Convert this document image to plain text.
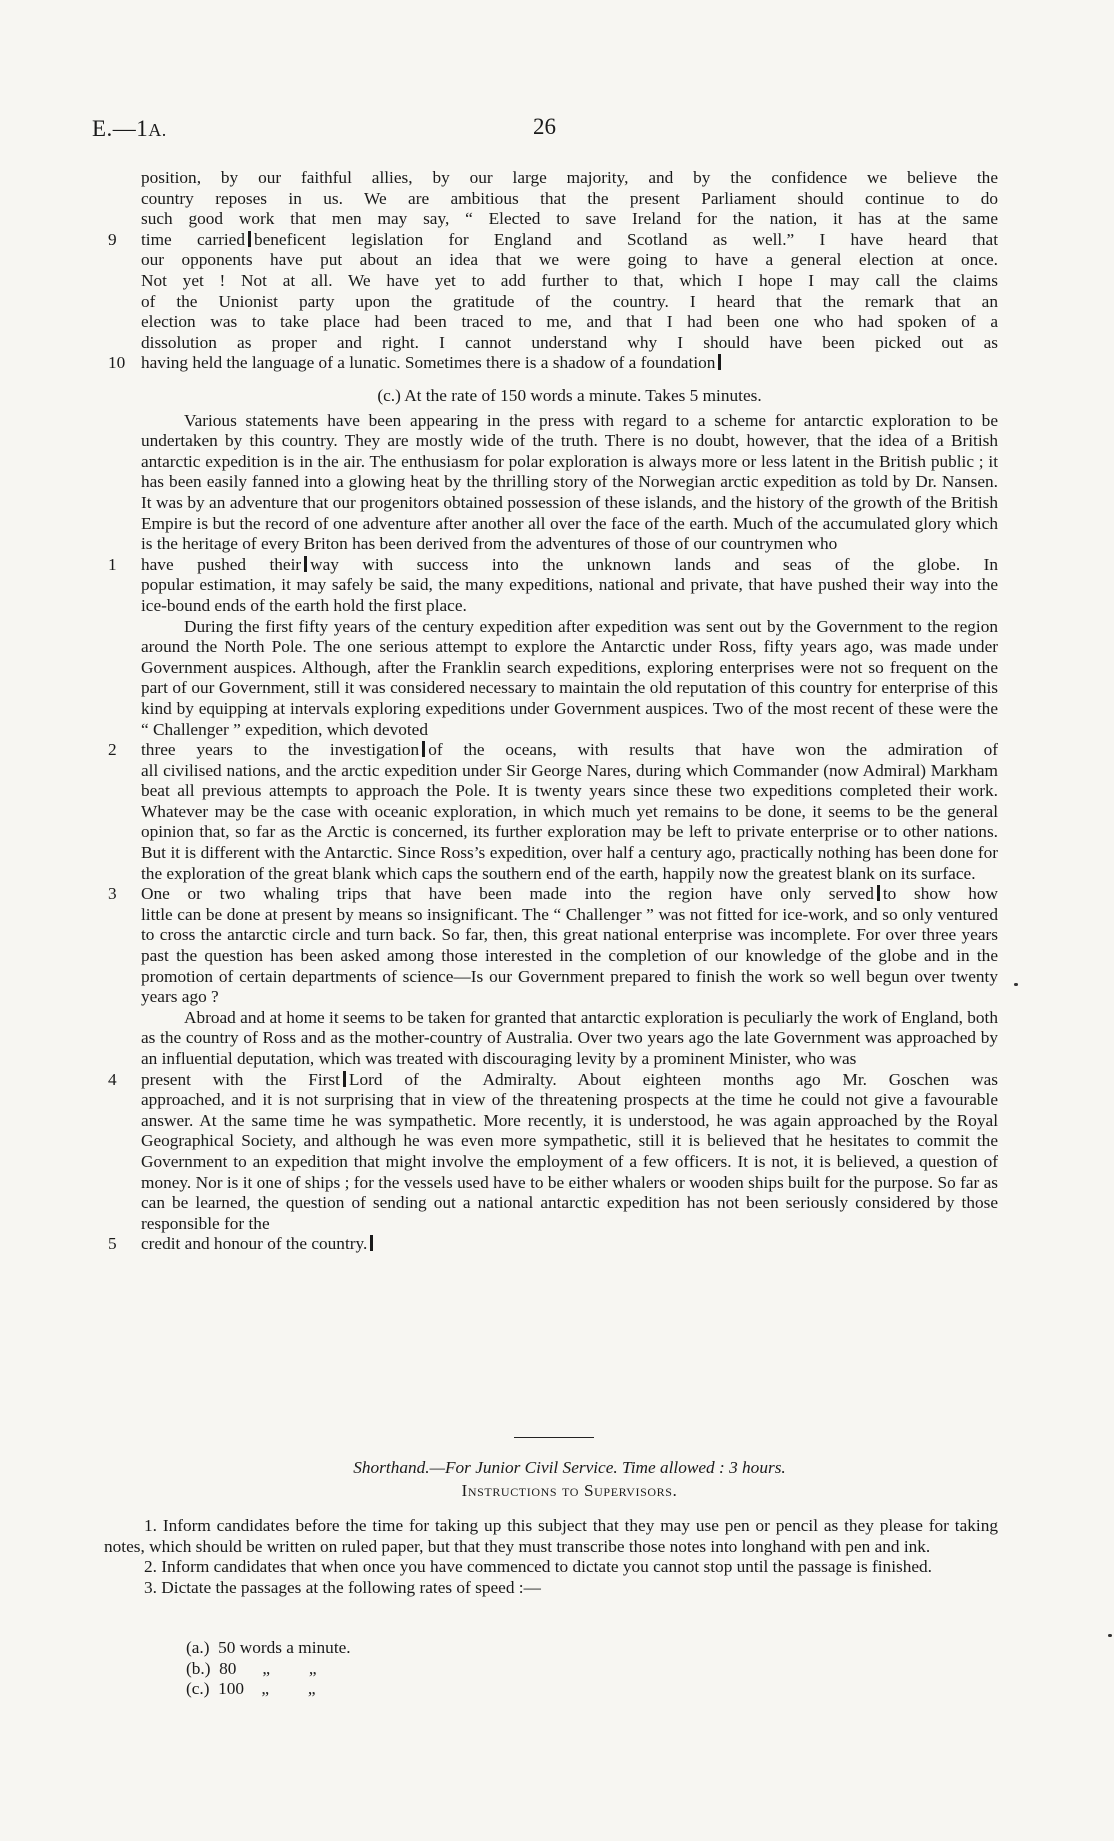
E.—1A.	26

position, by our faithful allies, by our large majority, and by the confidence we believe the

country reposes in us. We are ambitious that the present Parliament should continue to do

such good work that men may say, “ Elected to save Ireland for the nation, it has at the same

9 time carried beneficent legislation for England and Scotland as well.” I have heard that

our opponents have put about an idea that we were going to have a general election at once.

Not yet ! Not at all. We have yet to add further to that, which I hope I may call the claims

of the Unionist party upon the gratitude of the country. I heard that the remark that an

election was to take place had been traced to me, and that I had been one who had spoken of a

dissolution as proper and right. I cannot understand why I should have been picked out as

10 having held the language of a lunatic. Sometimes there is a shadow of a foundation

(c.) At the rate of 150 words a minute. Takes 5 minutes.

Various statements have been appearing in the press with regard to a scheme for antarctic exploration to be undertaken by this country. They are mostly wide of the truth. There is no doubt, however, that the idea of a British antarctic expedition is in the air. The enthusiasm for polar exploration is always more or less latent in the British public ; it has been easily fanned into a glowing heat by the thrilling story of the Norwegian arctic expedition as told by Dr. Nansen. It was by an adventure that our progenitors obtained possession of these islands, and the history of the growth of the British Empire is but the record of one adventure after another all over the face of the earth. Much of the accumulated glory which is the heritage of every Briton has been derived from the adventures of those of our countrymen who

1 have pushed their way with success into the unknown lands and seas of the globe. In

popular estimation, it may safely be said, the many expeditions, national and private, that have pushed their way into the ice-bound ends of the earth hold the first place.

During the first fifty years of the century expedition after expedition was sent out by the Government to the region around the North Pole. The one serious attempt to explore the Antarctic under Ross, fifty years ago, was made under Government auspices. Although, after the Franklin search expeditions, exploring enterprises were not so frequent on the part of our Government, still it was considered necessary to maintain the old reputation of this country for enterprise of this kind by equipping at intervals exploring expeditions under Government auspices. Two of the most recent of these were the “ Challenger ” expedition, which devoted

2 three years to the investigation of the oceans, with results that have won the admiration of

all civilised nations, and the arctic expedition under Sir George Nares, during which Commander (now Admiral) Markham beat all previous attempts to approach the Pole. It is twenty years since these two expeditions completed their work. Whatever may be the case with oceanic exploration, in which much yet remains to be done, it seems to be the general opinion that, so far as the Arctic is concerned, its further exploration may be left to private enterprise or to other nations. But it is different with the Antarctic. Since Ross’s expedition, over half a century ago, practically nothing has been done for the exploration of the great blank which caps the southern end of the earth, happily now the greatest blank on its surface.

3 One or two whaling trips that have been made into the region have only served to show how

little can be done at present by means so insignificant. The “ Challenger ” was not fitted for ice-work, and so only ventured to cross the antarctic circle and turn back. So far, then, this great national enterprise was incomplete. For over three years past the question has been asked among those interested in the completion of our knowledge of the globe and in the promotion of certain departments of science—Is our Government prepared to finish the work so well begun over twenty years ago ?

Abroad and at home it seems to be taken for granted that antarctic exploration is peculiarly the work of England, both as the country of Ross and as the mother-country of Australia. Over two years ago the late Government was approached by an influential deputation, which was treated with discouraging levity by a prominent Minister, who was

4 present with the First Lord of the Admiralty. About eighteen months ago Mr. Goschen was

approached, and it is not surprising that in view of the threatening prospects at the time he could not give a favourable answer. At the same time he was sympathetic. More recently, it is understood, he was again approached by the Royal Geographical Society, and although he was even more sympathetic, still it is believed that he hesitates to commit the Government to an expedition that might involve the employment of a few officers. It is not, it is believed, a question of money. Nor is it one of ships ; for the vessels used have to be either whalers or wooden ships built for the purpose. So far as can be learned, the question of sending out a national antarctic expedition has not been seriously considered by those responsible for the

5 credit and honour of the country.

Shorthand.—For Junior Civil Service. Time allowed : 3 hours.

Instructions to Supervisors.

1. Inform candidates before the time for taking up this subject that they may use pen or pencil as they please for taking notes, which should be written on ruled paper, but that they must transcribe those notes into longhand with pen and ink.

2. Inform candidates that when once you have commenced to dictate you cannot stop until the passage is finished.

3. Dictate the passages at the following rates of speed :—

(a.)  50 words a minute.
(b.)  80      „         „
(c.)  100    „         „
